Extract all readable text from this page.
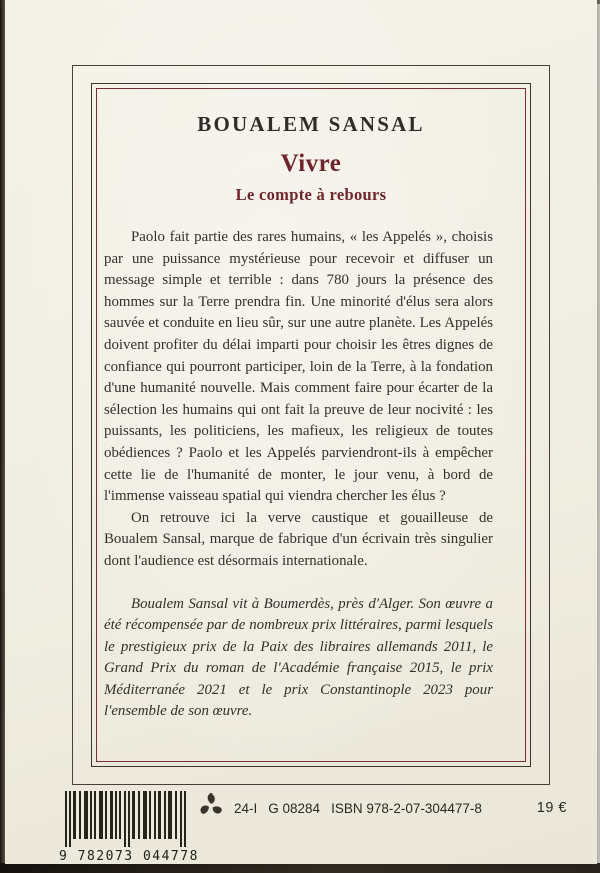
BOUALEM SANSAL
Vivre
Le compte à rebours

Paolo fait partie des rares humains, « les Appelés », choisis par une puissance mystérieuse pour recevoir et diffuser un message simple et terrible : dans 780 jours la présence des hommes sur la Terre prendra fin. Une minorité d'élus sera alors sauvée et conduite en lieu sûr, sur une autre planète. Les Appelés doivent profiter du délai imparti pour choisir les êtres dignes de confiance qui pourront participer, loin de la Terre, à la fondation d'une humanité nouvelle. Mais comment faire pour écarter de la sélection les humains qui ont fait la preuve de leur nocivité : les puissants, les politiciens, les mafieux, les religieux de toutes obédiences ? Paolo et les Appelés parviendront-ils à empêcher cette lie de l'humanité de monter, le jour venu, à bord de l'immense vaisseau spatial qui viendra chercher les élus ?

On retrouve ici la verve caustique et gouailleuse de Boualem Sansal, marque de fabrique d'un écrivain très singulier dont l'audience est désormais internationale.

Boualem Sansal vit à Boumerdès, près d'Alger. Son œuvre a été récompensée par de nombreux prix littéraires, parmi lesquels le prestigieux prix de la Paix des libraires allemands 2011, le Grand Prix du roman de l'Académie française 2015, le prix Méditerranée 2021 et le prix Constantinople 2023 pour l'ensemble de son œuvre.

9 782073 044778
24-I G 08284 ISBN 978-2-07-304477-8	19 €
